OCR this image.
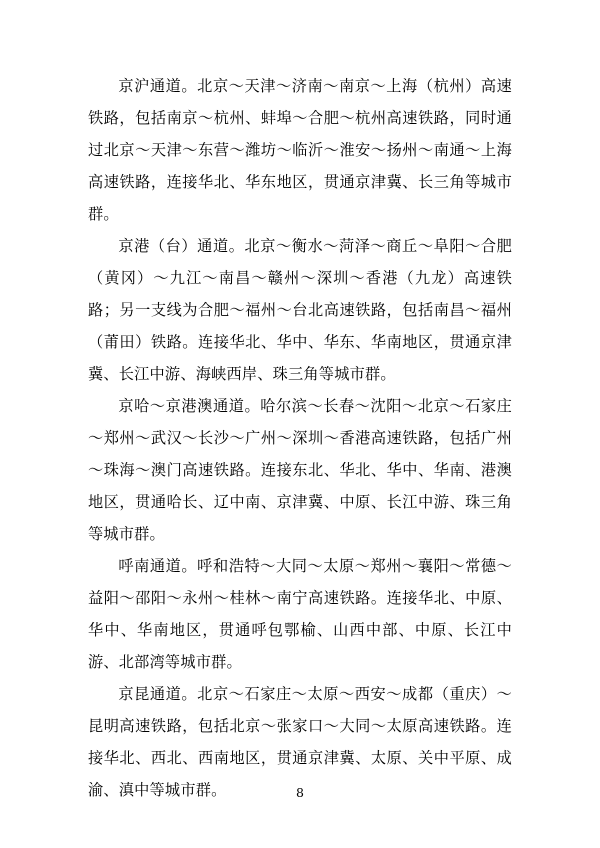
京沪通道。北京～天津～济南～南京～上海（杭州）高速铁路，包括南京～杭州、蚌埠～合肥～杭州高速铁路，同时通过北京～天津～东营～潍坊～临沂～淮安～扬州～南通～上海高速铁路，连接华北、华东地区，贯通京津冀、长三角等城市群。

京港（台）通道。北京～衡水～菏泽～商丘～阜阳～合肥（黄冈）～九江～南昌～赣州～深圳～香港（九龙）高速铁路；另一支线为合肥～福州～台北高速铁路，包括南昌～福州（莆田）铁路。连接华北、华中、华东、华南地区，贯通京津冀、长江中游、海峡西岸、珠三角等城市群。

京哈～京港澳通道。哈尔滨～长春～沈阳～北京～石家庄～郑州～武汉～长沙～广州～深圳～香港高速铁路，包括广州～珠海～澳门高速铁路。连接东北、华北、华中、华南、港澳地区，贯通哈长、辽中南、京津冀、中原、长江中游、珠三角等城市群。

呼南通道。呼和浩特～大同～太原～郑州～襄阳～常德～益阳～邵阳～永州～桂林～南宁高速铁路。连接华北、中原、华中、华南地区，贯通呼包鄂榆、山西中部、中原、长江中游、北部湾等城市群。

京昆通道。北京～石家庄～太原～西安～成都（重庆）～昆明高速铁路，包括北京～张家口～大同～太原高速铁路。连接华北、西北、西南地区，贯通京津冀、太原、关中平原、成渝、滇中等城市群。	8
